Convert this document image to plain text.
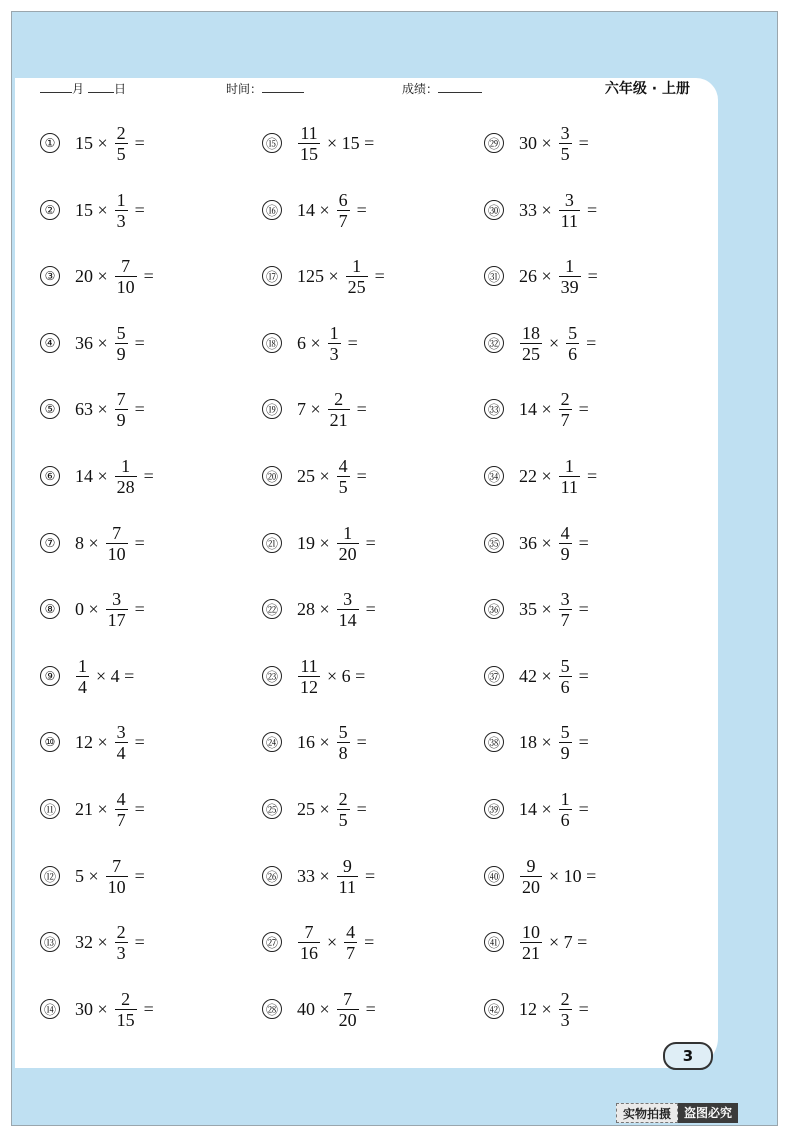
月	日	时间：	成绩：	六年级 · 上册
① $15 \times \frac{2}{5}$ =
② $15 \times \frac{1}{3}$ =
③ $20 \times \frac{7}{10}$ =
④ $36 \times \frac{5}{9}$ =
⑤ $63 \times \frac{7}{9}$ =
⑥ $14 \times \frac{1}{28}$ =
⑦ $8 \times \frac{7}{10}$ =
⑧ $0 \times \frac{3}{17}$ =
⑨ $\frac{1}{4} \times 4$ =
⑩ $12 \times \frac{3}{4}$ =
⑪ $21 \times \frac{4}{7}$ =
⑫ $5 \times \frac{7}{10}$ =
⑬ $32 \times \frac{2}{3}$ =
⑭ $30 \times \frac{2}{15}$ =
⑮ $\frac{11}{15} \times 15$ =
⑯ $14 \times \frac{6}{7}$ =
⑰ $125 \times \frac{1}{25}$ =
⑱ $6 \times \frac{1}{3}$ =
⑲ $7 \times \frac{2}{21}$ =
⑳ $25 \times \frac{4}{5}$ =
㉑ $19 \times \frac{1}{20}$ =
㉒ $28 \times \frac{3}{14}$ =
㉓ $\frac{11}{12} \times 6$ =
㉔ $16 \times \frac{5}{8}$ =
㉕ $25 \times \frac{2}{5}$ =
㉖ $33 \times \frac{9}{11}$ =
㉗ $\frac{7}{16} \times \frac{4}{7}$ =
㉘ $40 \times \frac{7}{20}$ =
㉙ $30 \times \frac{3}{5}$ =
㉚ $33 \times \frac{3}{11}$ =
㉛ $26 \times \frac{1}{39}$ =
㉜ $\frac{18}{25} \times \frac{5}{6}$ =
㉝ $14 \times \frac{2}{7}$ =
㉞ $22 \times \frac{1}{11}$ =
㉟ $36 \times \frac{4}{9}$ =
㊱ $35 \times \frac{3}{7}$ =
㊲ $42 \times \frac{5}{6}$ =
㊳ $18 \times \frac{5}{9}$ =
㊴ $14 \times \frac{1}{6}$ =
㊵ $\frac{9}{20} \times 10$ =
㊶ $\frac{10}{21} \times 7$ =
㊷ $12 \times \frac{2}{3}$ =
3
实物拍摄	盗图必究
